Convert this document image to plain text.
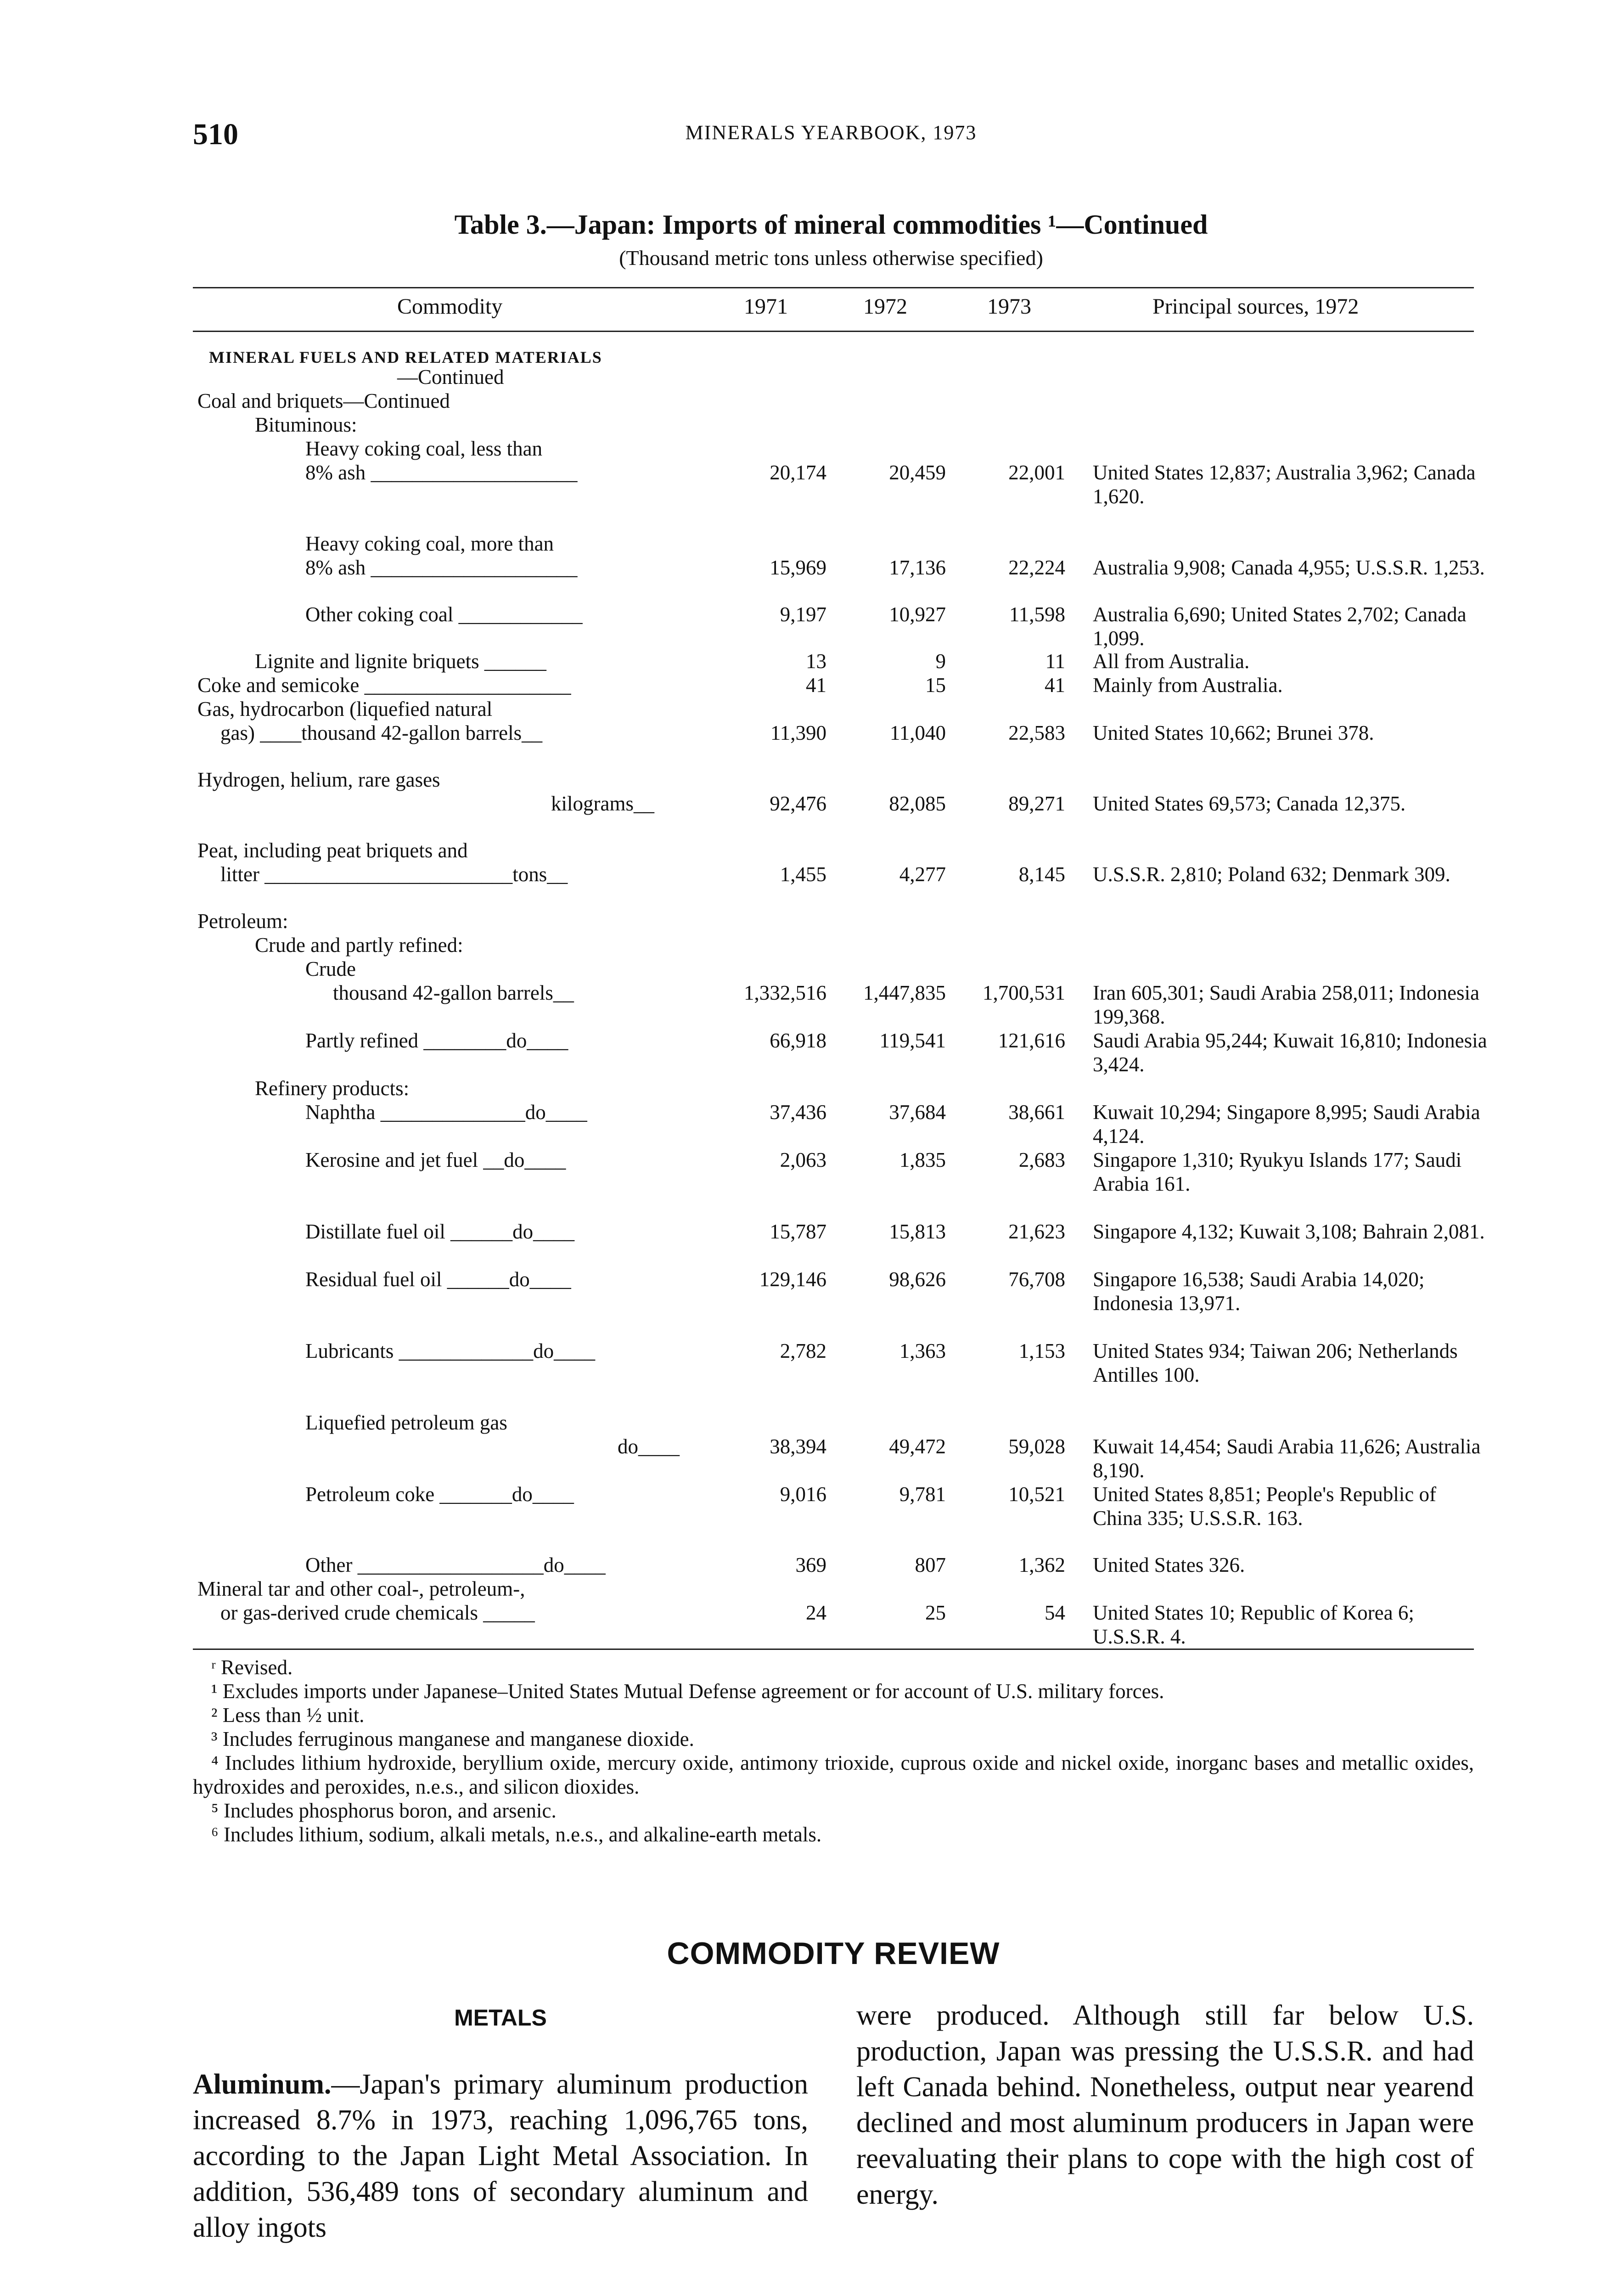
510	MINERALS YEARBOOK, 1973
Table 3.—Japan: Imports of mineral commodities ¹—Continued
(Thousand metric tons unless otherwise specified)
Commodity	1971	1972	1973	Principal sources, 1972
MINERAL FUELS AND RELATED MATERIALS
—Continued
Coal and briquets—Continued
Bituminous:
Heavy coking coal, less than
8% ash ____________________	20,174	20,459	22,001 United States 12,837; Australia 3,962; Canada 1,620.
Heavy coking coal, more than
8% ash ____________________	15,969	17,136	22,224 Australia 9,908; Canada 4,955; U.S.S.R. 1,253.
Other coking coal ____________	9,197	10,927	11,598 Australia 6,690; United States 2,702; Canada 1,099.
Lignite and lignite briquets ______	13	9	11 All from Australia.
Coke and semicoke ____________________	41	15	41 Mainly from Australia.
Gas, hydrocarbon (liquefied natural
gas) ____thousand 42-gallon barrels__	11,390	11,040	22,583 United States 10,662; Brunei 378.
Hydrogen, helium, rare gases
kilograms__	92,476	82,085	89,271 United States 69,573; Canada 12,375.
Peat, including peat briquets and
litter ________________________tons__	1,455	4,277	8,145 U.S.S.R. 2,810; Poland 632; Denmark 309.
Petroleum:
Crude and partly refined:
Crude
thousand 42-gallon barrels__	1,332,516	1,447,835	1,700,531 Iran 605,301; Saudi Arabia 258,011; Indonesia 199,368.
Partly refined ________do____	66,918	119,541	121,616 Saudi Arabia 95,244; Kuwait 16,810; Indonesia 3,424.
Refinery products:
Naphtha ______________do____	37,436	37,684	38,661 Kuwait 10,294; Singapore 8,995; Saudi Arabia 4,124.
Kerosine and jet fuel __do____	2,063	1,835	2,683 Singapore 1,310; Ryukyu Islands 177; Saudi Arabia 161.
Distillate fuel oil ______do____	15,787	15,813	21,623 Singapore 4,132; Kuwait 3,108; Bahrain 2,081.
Residual fuel oil ______do____	129,146	98,626	76,708 Singapore 16,538; Saudi Arabia 14,020; Indonesia 13,971.
Lubricants _____________do____	2,782	1,363	1,153 United States 934; Taiwan 206; Netherlands Antilles 100.
Liquefied petroleum gas
do____	38,394	49,472	59,028 Kuwait 14,454; Saudi Arabia 11,626; Australia 8,190.
Petroleum coke _______do____	9,016	9,781	10,521 United States 8,851; People's Republic of China 335; U.S.S.R. 163.
Other __________________do____	369	807	1,362 United States 326.
Mineral tar and other coal-, petroleum-,
or gas-derived crude chemicals _____	24	25	54 United States 10; Republic of Korea 6; U.S.S.R. 4.
ʳ Revised.
¹ Excludes imports under Japanese–United States Mutual Defense agreement or for account of U.S. military forces.
² Less than ½ unit.
³ Includes ferruginous manganese and manganese dioxide.
⁴ Includes lithium hydroxide, beryllium oxide, mercury oxide, antimony trioxide, cuprous oxide and nickel oxide, inorganc bases and metallic oxides, hydroxides and peroxides, n.e.s., and silicon dioxides.
⁵ Includes phosphorus boron, and arsenic.
⁶ Includes lithium, sodium, alkali metals, n.e.s., and alkaline-earth metals.
COMMODITY REVIEW
METALS
Aluminum.—Japan's primary aluminum production increased 8.7% in 1973, reaching 1,096,765 tons, according to the Japan Light Metal Association. In addition, 536,489 tons of secondary aluminum and alloy ingots
were produced. Although still far below U.S. production, Japan was pressing the U.S.S.R. and had left Canada behind. Nonetheless, output near yearend declined and most aluminum producers in Japan were reevaluating their plans to cope with the high cost of energy.
